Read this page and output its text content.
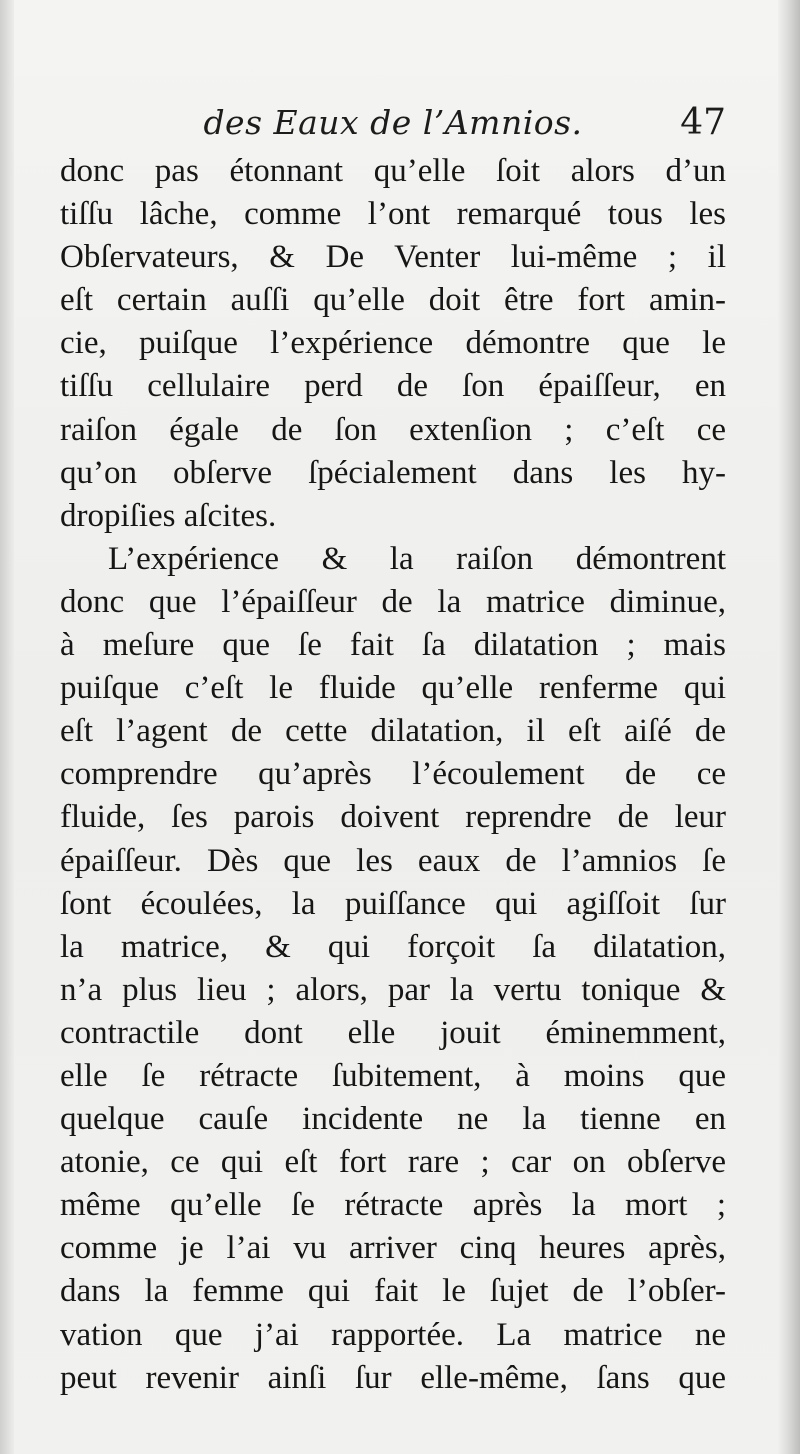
des Eaux de l’Amnios.	47
donc pas étonnant qu’elle ſoit alors d’un
tiſſu lâche, comme l’ont remarqué tous les
Obſervateurs, & De Venter lui-même ; il
eſt certain auſſi qu’elle doit être fort amin-
cie, puiſque l’expérience démontre que le
tiſſu cellulaire perd de ſon épaiſſeur, en
raiſon égale de ſon extenſion ; c’eſt ce
qu’on obſerve ſpécialement dans les hy-
dropiſies aſcites.
L’expérience & la raiſon démontrent
donc que l’épaiſſeur de la matrice diminue,
à meſure que ſe fait ſa dilatation ; mais
puiſque c’eſt le fluide qu’elle renferme qui
eſt l’agent de cette dilatation, il eſt aiſé de
comprendre qu’après l’écoulement de ce
fluide, ſes parois doivent reprendre de leur
épaiſſeur. Dès que les eaux de l’amnios ſe
ſont écoulées, la puiſſance qui agiſſoit ſur
la matrice, & qui forçoit ſa dilatation,
n’a plus lieu ; alors, par la vertu tonique &
contractile dont elle jouit éminemment,
elle ſe rétracte ſubitement, à moins que
quelque cauſe incidente ne la tienne en
atonie, ce qui eſt fort rare ; car on obſerve
même qu’elle ſe rétracte après la mort ;
comme je l’ai vu arriver cinq heures après,
dans la femme qui fait le ſujet de l’obſer-
vation que j’ai rapportée. La matrice ne
peut revenir ainſi ſur elle-même, ſans que
